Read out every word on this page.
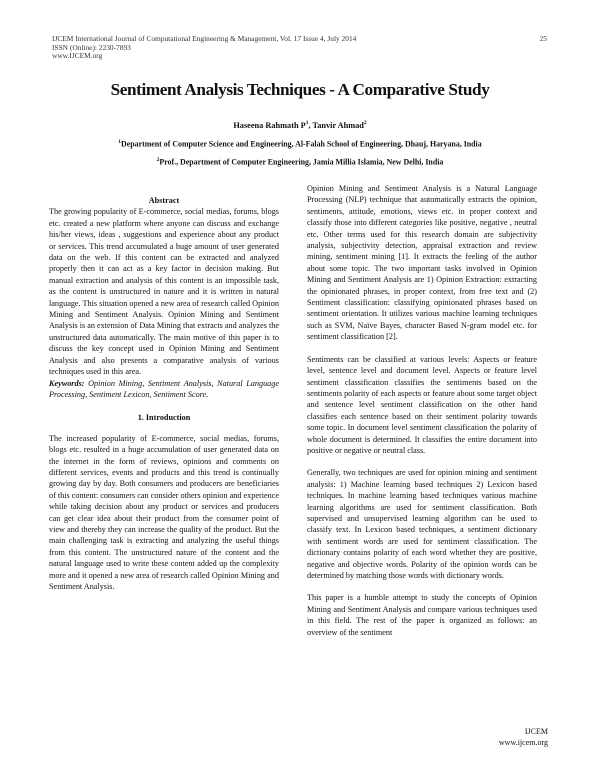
IJCEM International Journal of Computational Engineering & Management, Vol. 17 Issue 4, July 2014
ISSN (Online): 2230-7893
www.IJCEM.org
25
Sentiment Analysis Techniques - A Comparative Study
Haseena Rahmath $P^1$, Tanvir Ahmad$^2$
$^1$Department of Computer Science and Engineering, Al-Falah School of Engineering, Dhauj, Haryana, India
$^2$Prof., Department of Computer Engineering, Jamia Millia Islamia, New Delhi, India

Abstract

The growing popularity of E-commerce, social medias, forums, blogs etc. created a new platform where anyone can discuss and exchange his/her views, ideas , suggestions and experience about any product or services. This trend accumulated a huge amount of user generated data on the web. If this content can be extracted and analyzed properly then it can act as a key factor in decision making. But manual extraction and analysis of this content is an impossible task, as the content is unstructured in nature and it is written in natural language. This situation opened a new area of research called Opinion Mining and Sentiment Analysis. Opinion Mining and Sentiment Analysis is an extension of Data Mining that extracts and analyzes the unstructured data automatically. The main motive of this paper is to discuss the key concept used in Opinion Mining and Sentiment Analysis and also presents a comparative analysis of various techniques used in this area.

Keywords: Opinion Mining, Sentiment Analysis, Natural Language Processing, Sentiment Lexicon, Sentiment Score.

1. Introduction

The increased popularity of E-commerce, social medias, forums, blogs etc. resulted in a huge accumulation of user generated data on the internet in the form of reviews, opinions and comments on different services, events and products and this trend is continually growing day by day. Both consumers and producers are beneficiaries of this content: consumers can consider others opinion and experience while taking decision about any product or services and producers can get clear idea about their product from the consumer point of view and thereby they can increase the quality of the product. But the main challenging task is extracting and analyzing the useful things from this content. The unstructured nature of the content and the natural language used to write these content added up the complexity more and it opened a new area of research called Opinion Mining and Sentiment Analysis.

Opinion Mining and Sentiment Analysis is a Natural Language Processing (NLP) technique that automatically extracts the opinion, sentiments, attitude, emotions, views etc. in proper context and classify those into different categories like positive, negative , neutral etc. Other terms used for this research domain are subjectivity analysis, subjectivity detection, appraisal extraction and review mining, sentiment mining [1]. It extracts the feeling of the author about some topic. The two important tasks involved in Opinion Mining and Sentiment Analysis are 1) Opinion Extraction: extracting the opinionated phrases, in proper context, from free text and (2) Sentiment classification: classifying opinionated phrases based on sentiment orientation. It utilizes various machine learning techniques such as SVM, Naïve Bayes, character Based N-gram model etc. for sentiment classification [2].

Sentiments can be classified at various levels: Aspects or feature level, sentence level and document level. Aspects or feature level sentiment classification classifies the sentiments based on the sentiments polarity of each aspects or feature about some target object and sentence level sentiment classification on the other hand classifies each sentence based on their sentiment polarity towards some topic. In document level sentiment classification the polarity of whole document is determined. It classifies the entire document into positive or negative or neutral class.

Generally, two techniques are used for opinion mining and sentiment analysis: 1) Machine learning based techniques 2) Lexicon based techniques. In machine learning based techniques various machine learning algorithms are used for sentiment classification. Both supervised and unsupervised learning algorithm can be used to classify text. In Lexicon based techniques, a sentiment dictionary with sentiment words are used for sentiment classification. The dictionary contains polarity of each word whether they are positive, negative and objective words. Polarity of the opinion words can be determined by matching those words with dictionary words.

This paper is a humble attempt to study the concepts of Opinion Mining and Sentiment Analysis and compare various techniques used in this field. The rest of the paper is organized as follows: an overview of the sentiment

IJCEM
www.ijcem.org
